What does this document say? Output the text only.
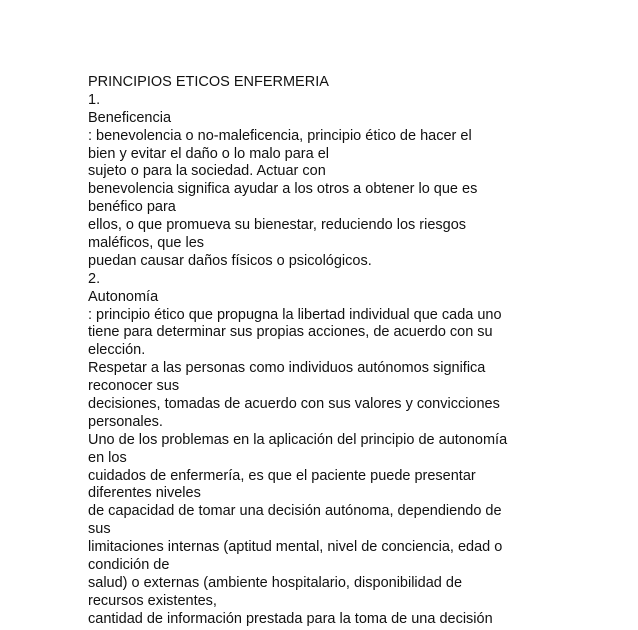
PRINCIPIOS ETICOS ENFERMERIA
1.
Beneficencia
: benevolencia o no-maleficencia, principio ético de hacer el
bien y evitar el daño o lo malo para el
sujeto o para la sociedad. Actuar con
benevolencia significa ayudar a los otros a obtener lo que es
benéfico para
ellos, o que promueva su bienestar, reduciendo los riesgos
maléficos, que les
puedan causar daños físicos o psicológicos.
2.
Autonomía
: principio ético que propugna la libertad individual que cada uno
tiene para determinar sus propias acciones, de acuerdo con su
elección.
Respetar a las personas como individuos autónomos significa
reconocer sus
decisiones, tomadas de acuerdo con sus valores y convicciones
personales.
Uno de los problemas en la aplicación del principio de autonomía
en los
cuidados de enfermería, es que el paciente puede presentar
diferentes niveles
de capacidad de tomar una decisión autónoma, dependiendo de
sus
limitaciones internas (aptitud mental, nivel de conciencia, edad o
condición de
salud) o externas (ambiente hospitalario, disponibilidad de
recursos existentes,
cantidad de información prestada para la toma de una decisión
